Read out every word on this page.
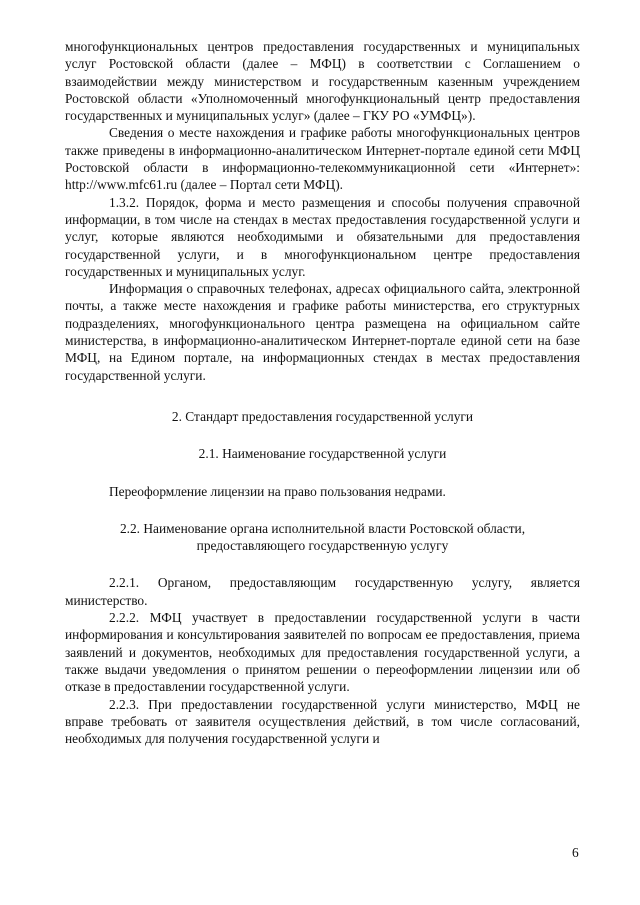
многофункциональных центров предоставления государственных и муниципальных услуг Ростовской области (далее – МФЦ) в соответствии с Соглашением о взаимодействии между министерством и государственным казенным учреждением Ростовской области «Уполномоченный многофункциональный центр предоставления государственных и муниципальных услуг» (далее – ГКУ РО «УМФЦ»).

Сведения о месте нахождения и графике работы многофункциональных центров также приведены в информационно-аналитическом Интернет-портале единой сети МФЦ Ростовской области в информационно-телекоммуникационной сети «Интернет»: http://www.mfc61.ru (далее – Портал сети МФЦ).

1.3.2. Порядок, форма и место размещения и способы получения справочной информации, в том числе на стендах в местах предоставления государственной услуги и услуг, которые являются необходимыми и обязательными для предоставления государственной услуги, и в многофункциональном центре предоставления государственных и муниципальных услуг.

Информация о справочных телефонах, адресах официального сайта, электронной почты, а также месте нахождения и графике работы министерства, его структурных подразделениях, многофункционального центра размещена на официальном сайте министерства, в информационно-аналитическом Интернет-портале единой сети на базе МФЦ, на Едином портале, на информационных стендах в местах предоставления государственной услуги.

2. Стандарт предоставления государственной услуги

2.1. Наименование государственной услуги

Переоформление лицензии на право пользования недрами.

2.2. Наименование органа исполнительной власти Ростовской области,

предоставляющего государственную услугу

2.2.1. Органом, предоставляющим государственную услугу, является министерство.

2.2.2. МФЦ участвует в предоставлении государственной услуги в части информирования и консультирования заявителей по вопросам ее предоставления, приема заявлений и документов, необходимых для предоставления государственной услуги, а также выдачи уведомления о принятом решении о переоформлении лицензии или об отказе в предоставлении государственной услуги.

2.2.3. При предоставлении государственной услуги министерство, МФЦ не вправе требовать от заявителя осуществления действий, в том числе согласований, необходимых для получения государственной услуги и

6
